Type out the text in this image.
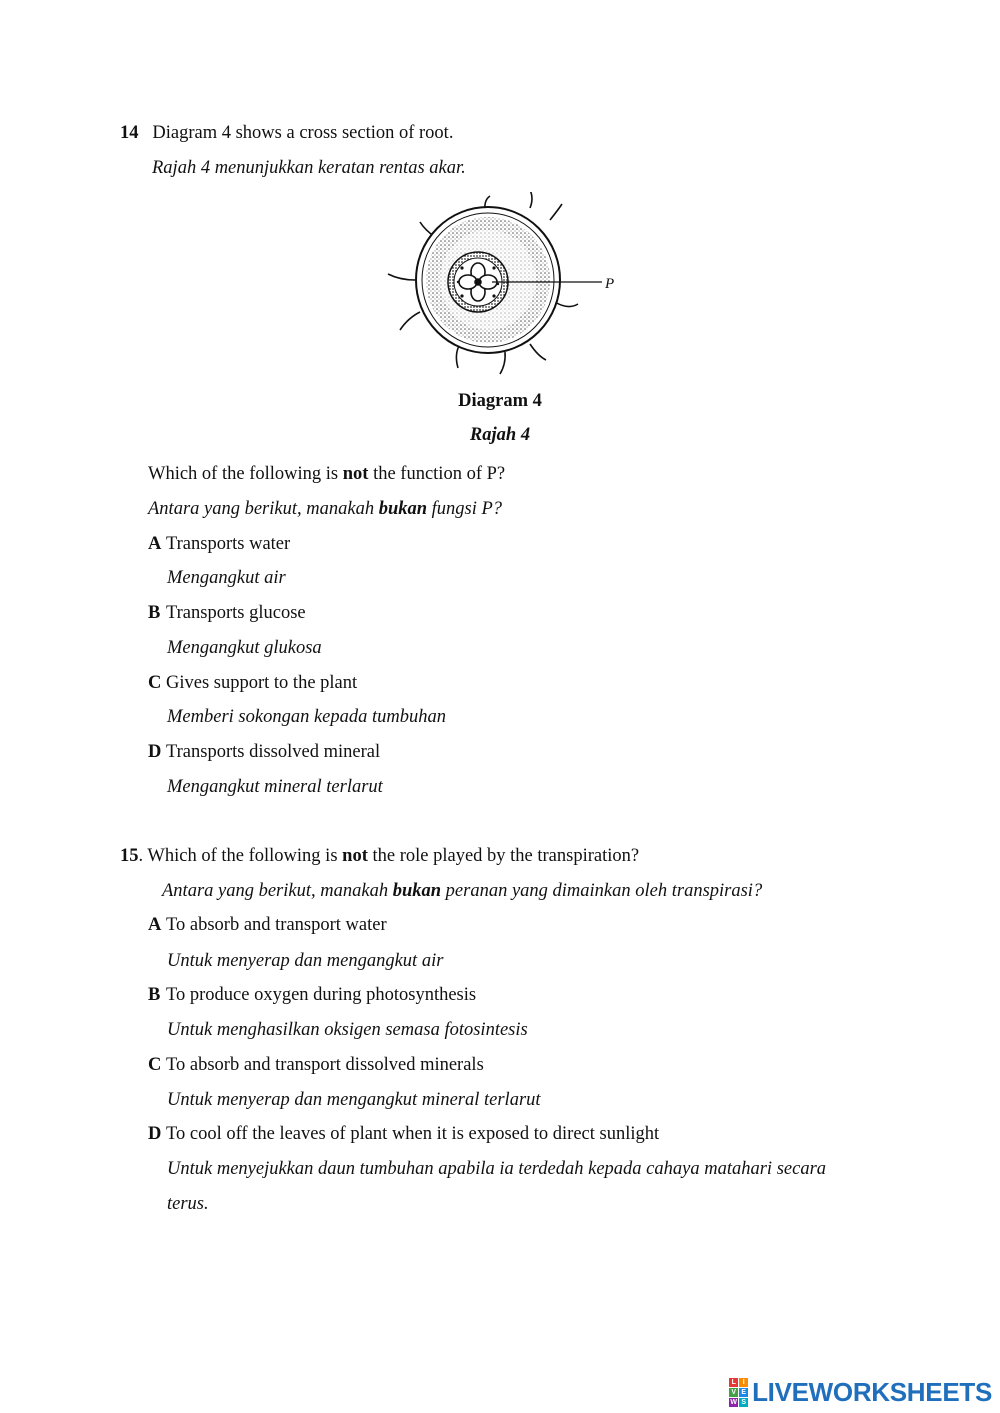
14 Diagram 4 shows a cross section of root.
Rajah 4 menunjukkan keratan rentas akar.
P
Diagram 4
Rajah 4
Which of the following is not the function of P?
Antara yang berikut, manakah bukan fungsi P?
A Transports water
Mengangkut air
B Transports glucose
Mengangkut glukosa
C Gives support to the plant
Memberi sokongan kepada tumbuhan
D Transports dissolved mineral
Mengangkut mineral terlarut
15. Which of the following is not the role played by the transpiration?
Antara yang berikut, manakah bukan peranan yang dimainkan oleh transpirasi?
A To absorb and transport water
Untuk menyerap dan mengangkut air
B To produce oxygen during photosynthesis
Untuk menghasilkan oksigen semasa fotosintesis
C To absorb and transport dissolved minerals
Untuk menyerap dan mengangkut mineral terlarut
D To cool off the leaves of plant when it is exposed to direct sunlight
Untuk menyejukkan daun tumbuhan apabila ia terdedah kepada cahaya matahari secara
terus.
L	I
V E
W S LIVEWORKSHEETS
